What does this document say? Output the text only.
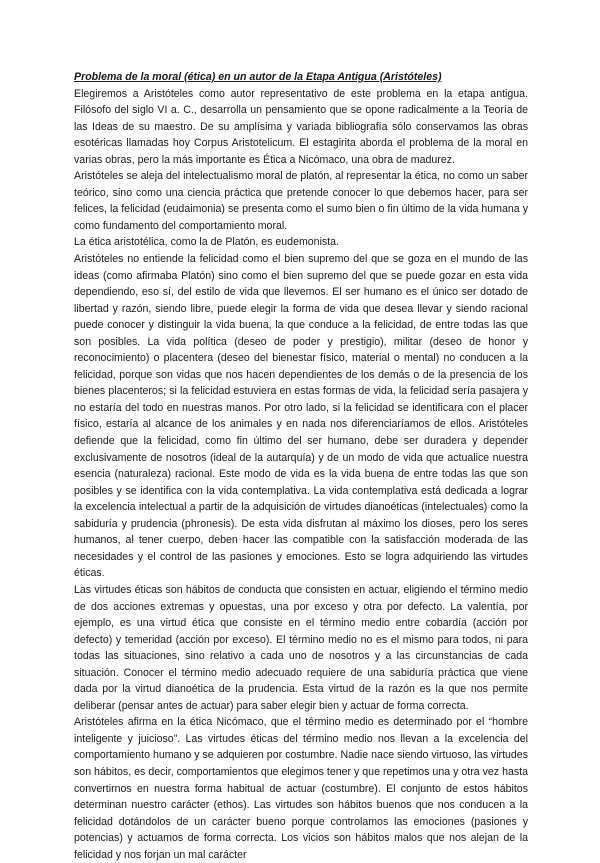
Problema de la moral (ética) en un autor de la Etapa Antigua (Aristóteles)

Elegiremos a Aristóteles como autor representativo de este problema en la etapa antigua. Filósofo del siglo VI a. C., desarrolla un pensamiento que se opone radicalmente a la Teoría de las Ideas de su maestro. De su amplísima y variada bibliografía sólo conservamos las obras esotéricas llamadas hoy Corpus Aristotelicum. El estagirita aborda el problema de la moral en varias obras, pero la más importante es Ética a Nicómaco, una obra de madurez.

Aristóteles se aleja del intelectualismo moral de platón, al representar la ética, no como un saber teórico, sino como una ciencia práctica que pretende conocer lo que debemos hacer, para ser felices, la felicidad (eudaimonia) se presenta como el sumo bien o fin último de la vida humana y como fundamento del comportamiento moral.

La ética aristotélica, como la de Platón, es eudemonista.

Aristóteles no entiende la felicidad como el bien supremo del que se goza en el mundo de las ideas (como afirmaba Platón) sino como el bien supremo del que se puede gozar en esta vida dependiendo, eso sí, del estilo de vida que llevemos. El ser humano es el único ser dotado de libertad y razón, siendo libre, puede elegir la forma de vida que desea llevar y siendo racional puede conocer y distinguir la vida buena, la que conduce a la felicidad, de entre todas las que son posibles. La vida política (deseo de poder y prestigio), militar (deseo de honor y reconocimiento) o placentera (deseo del bienestar físico, material o mental) no conducen a la felicidad, porque son vidas que nos hacen dependientes de los demás o de la presencia de los bienes placenteros; si la felicidad estuviera en estas formas de vida, la felicidad sería pasajera y no estaría del todo en nuestras manos. Por otro lado, si la felicidad se identificara con el placer físico, estaría al alcance de los animales y en nada nos diferenciaríamos de ellos. Aristóteles defiende que la felicidad, como fin último del ser humano, debe ser duradera y depender exclusivamente de nosotros (ideal de la autarquía) y de un modo de vida que actualice nuestra esencia (naturaleza) racional. Este modo de vida es la vida buena de entre todas las que son posibles y se identifica con la vida contemplativa. La vida contemplativa está dedicada a lograr la excelencia intelectual a partir de la adquisición de virtudes dianoéticas (intelectuales) como la sabiduría y prudencia (phronesis). De esta vida disfrutan al máximo los dioses, pero los seres humanos, al tener cuerpo, deben hacer las compatible con la satisfacción moderada de las necesidades y el control de las pasiones y emociones. Esto se logra adquiriendo las virtudes éticas.

Las virtudes éticas son hábitos de conducta que consisten en actuar, eligiendo el término medio de dos acciones extremas y opuestas, una por exceso y otra por defecto. La valentía, por ejemplo, es una virtud ética que consiste en el término medio entre cobardía (acción por defecto) y temeridad (acción por exceso). El término medio no es el mismo para todos, ni para todas las situaciones, sino relativo a cada uno de nosotros y a las circunstancias de cada situación. Conocer el término medio adecuado requiere de una sabiduría práctica que viene dada por la virtud dianoética de la prudencia. Esta virtud de la razón es la que nos permite deliberar (pensar antes de actuar) para saber elegir bien y actuar de forma correcta.

Aristóteles afirma en la ética Nicómaco, que el término medio es determinado por el “hombre inteligente y juicioso”. Las virtudes éticas del término medio nos llevan a la excelencia del comportamiento humano y se adquieren por costumbre. Nadie nace siendo virtuoso, las virtudes son hábitos, es decir, comportamientos que elegimos tener y que repetimos una y otra vez hasta convertirnos en nuestra forma habitual de actuar (costumbre). El conjunto de estos hábitos determinan nuestro carácter (ethos). Las virtudes son hábitos buenos que nos conducen a la felicidad dotándolos de un carácter bueno porque controlamos las emociones (pasiones y potencias) y actuamos de forma correcta. Los vicios son hábitos malos que nos alejan de la felicidad y nos forjan un mal carácter
